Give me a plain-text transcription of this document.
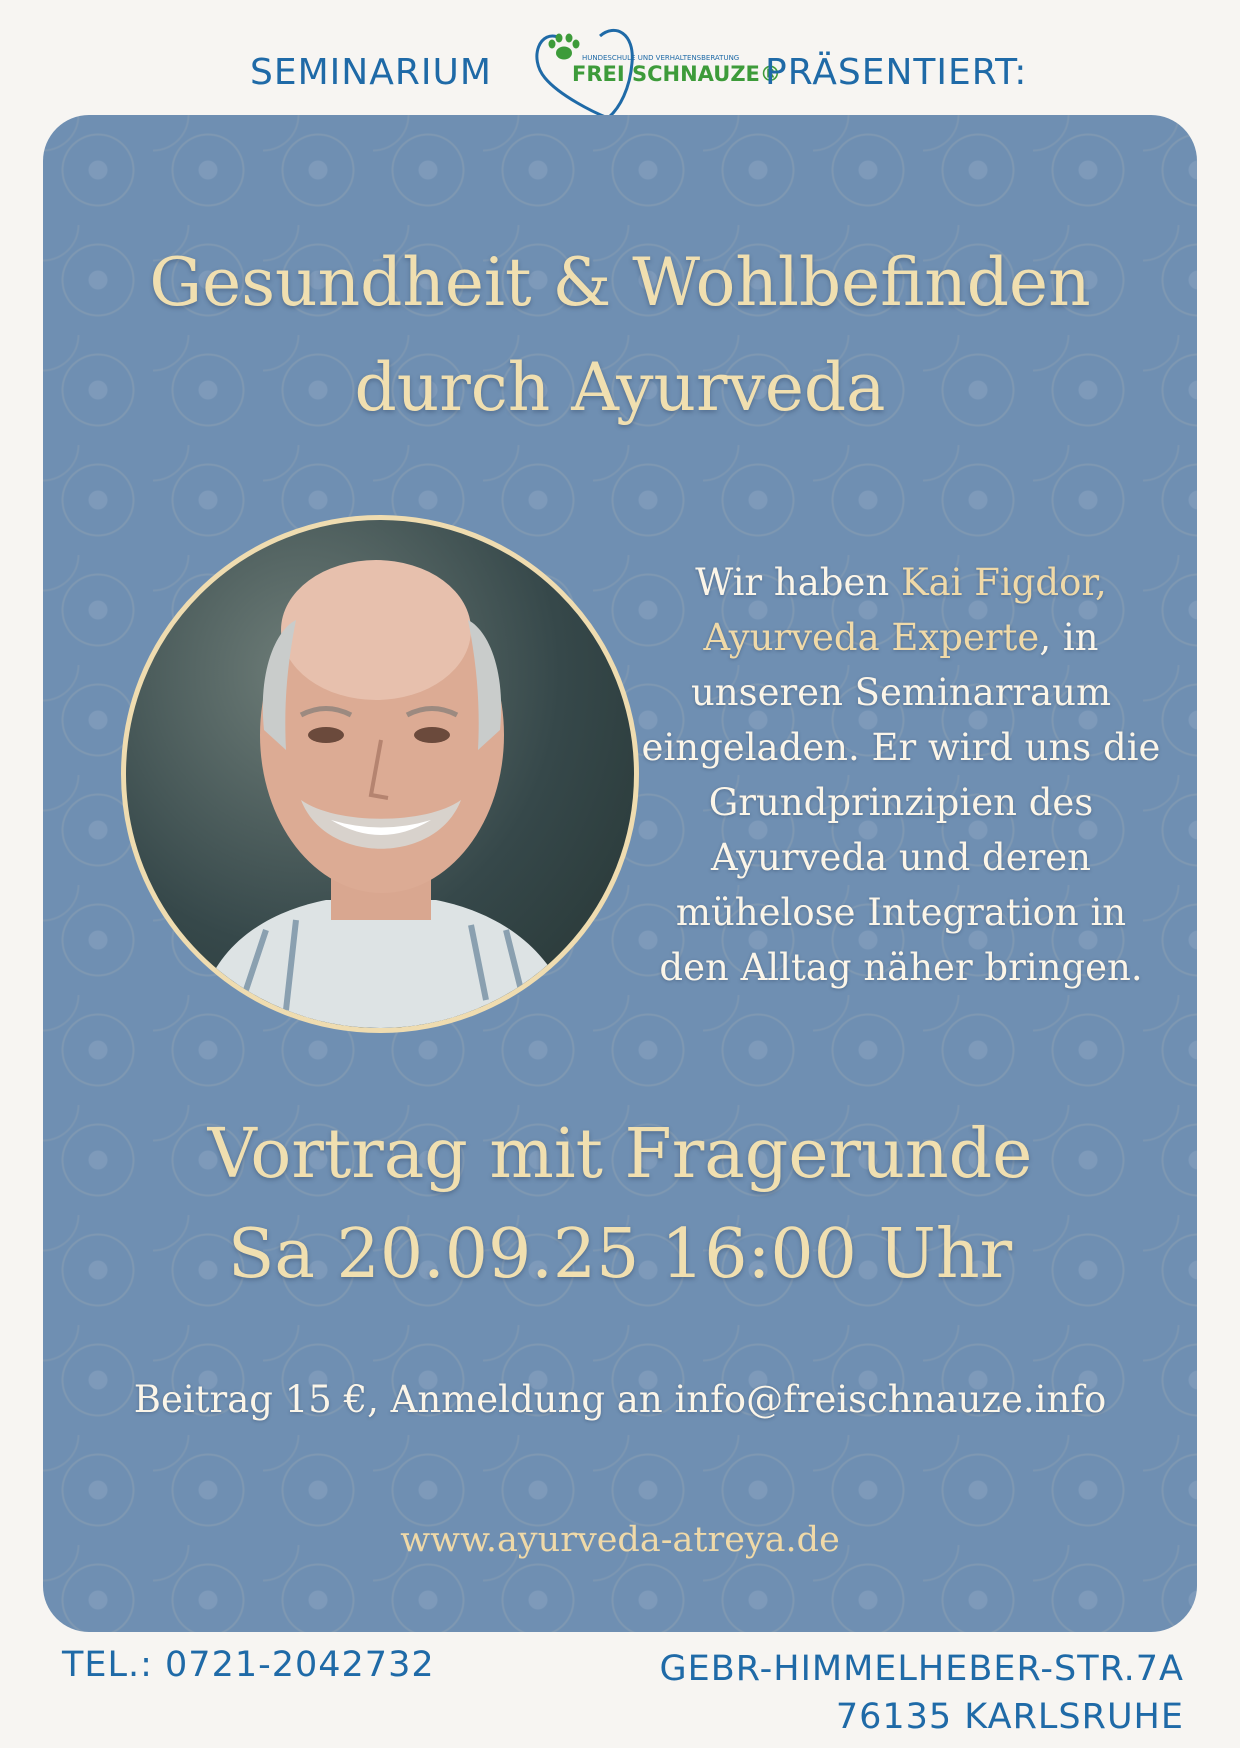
SEMINARIUM	HUNDESCHULE UND VERHALTENSBERATUNG
FREI SCHNAUZE®
PRÄSENTIERT:
Gesundheit & Wohlbefinden
durch Ayurveda
Wir haben Kai Figdor, Ayurveda Experte, in unseren Seminarraum eingeladen. Er wird uns die Grundprinzipien des Ayurveda und deren mühelose Integration in den Alltag näher bringen.
Vortrag mit Fragerunde
Sa 20.09.25 16:00 Uhr
Beitrag 15 €, Anmeldung an info@freischnauze.info
www.ayurveda-atreya.de
TEL.: 0721-2042732	GEBR-HIMMELHEBER-STR.7A
76135 KARLSRUHE
